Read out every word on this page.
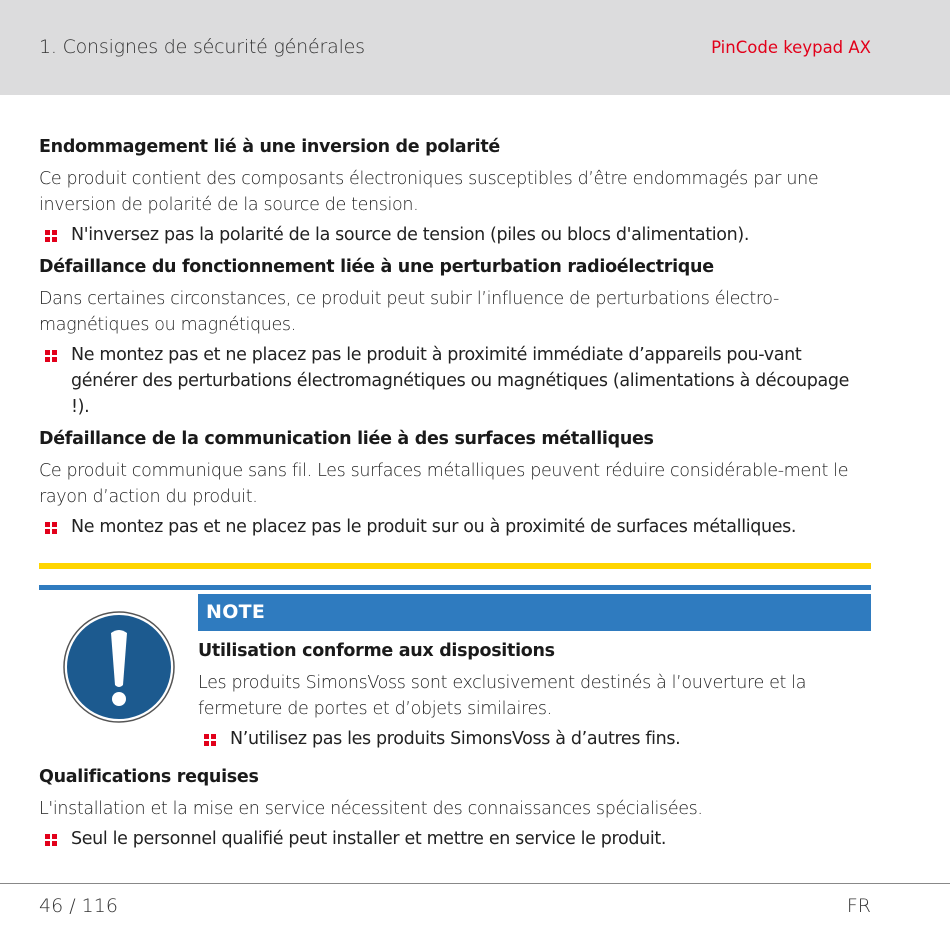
1. Consignes de sécurité générales	PinCode keypad AX
Endommagement lié à une inversion de polarité

Ce produit contient des composants électroniques susceptibles d’être endommagés par une inversion de polarité de la source de tension.

N'inversez pas la polarité de la source de tension (piles ou blocs d'alimentation).
Défaillance du fonctionnement liée à une perturbation radioélectrique

Dans certaines circonstances, ce produit peut subir l’influence de perturbations électro-magnétiques ou magnétiques.

Ne montez pas et ne placez pas le produit à proximité immédiate d’appareils pou-vant générer des perturbations électromagnétiques ou magnétiques (alimentations à découpage !).
Défaillance de la communication liée à des surfaces métalliques

Ce produit communique sans fil. Les surfaces métalliques peuvent réduire considérable-ment le rayon d’action du produit.

Ne montez pas et ne placez pas le produit sur ou à proximité de surfaces métalliques.
NOTE
Utilisation conforme aux dispositions

Les produits SimonsVoss sont exclusivement destinés à l’ouverture et la fermeture de portes et d’objets similaires.

N’utilisez pas les produits SimonsVoss à d’autres fins.
Qualifications requises

L'installation et la mise en service nécessitent des connaissances spécialisées.

Seul le personnel qualifié peut installer et mettre en service le produit.
46 / 116	FR
